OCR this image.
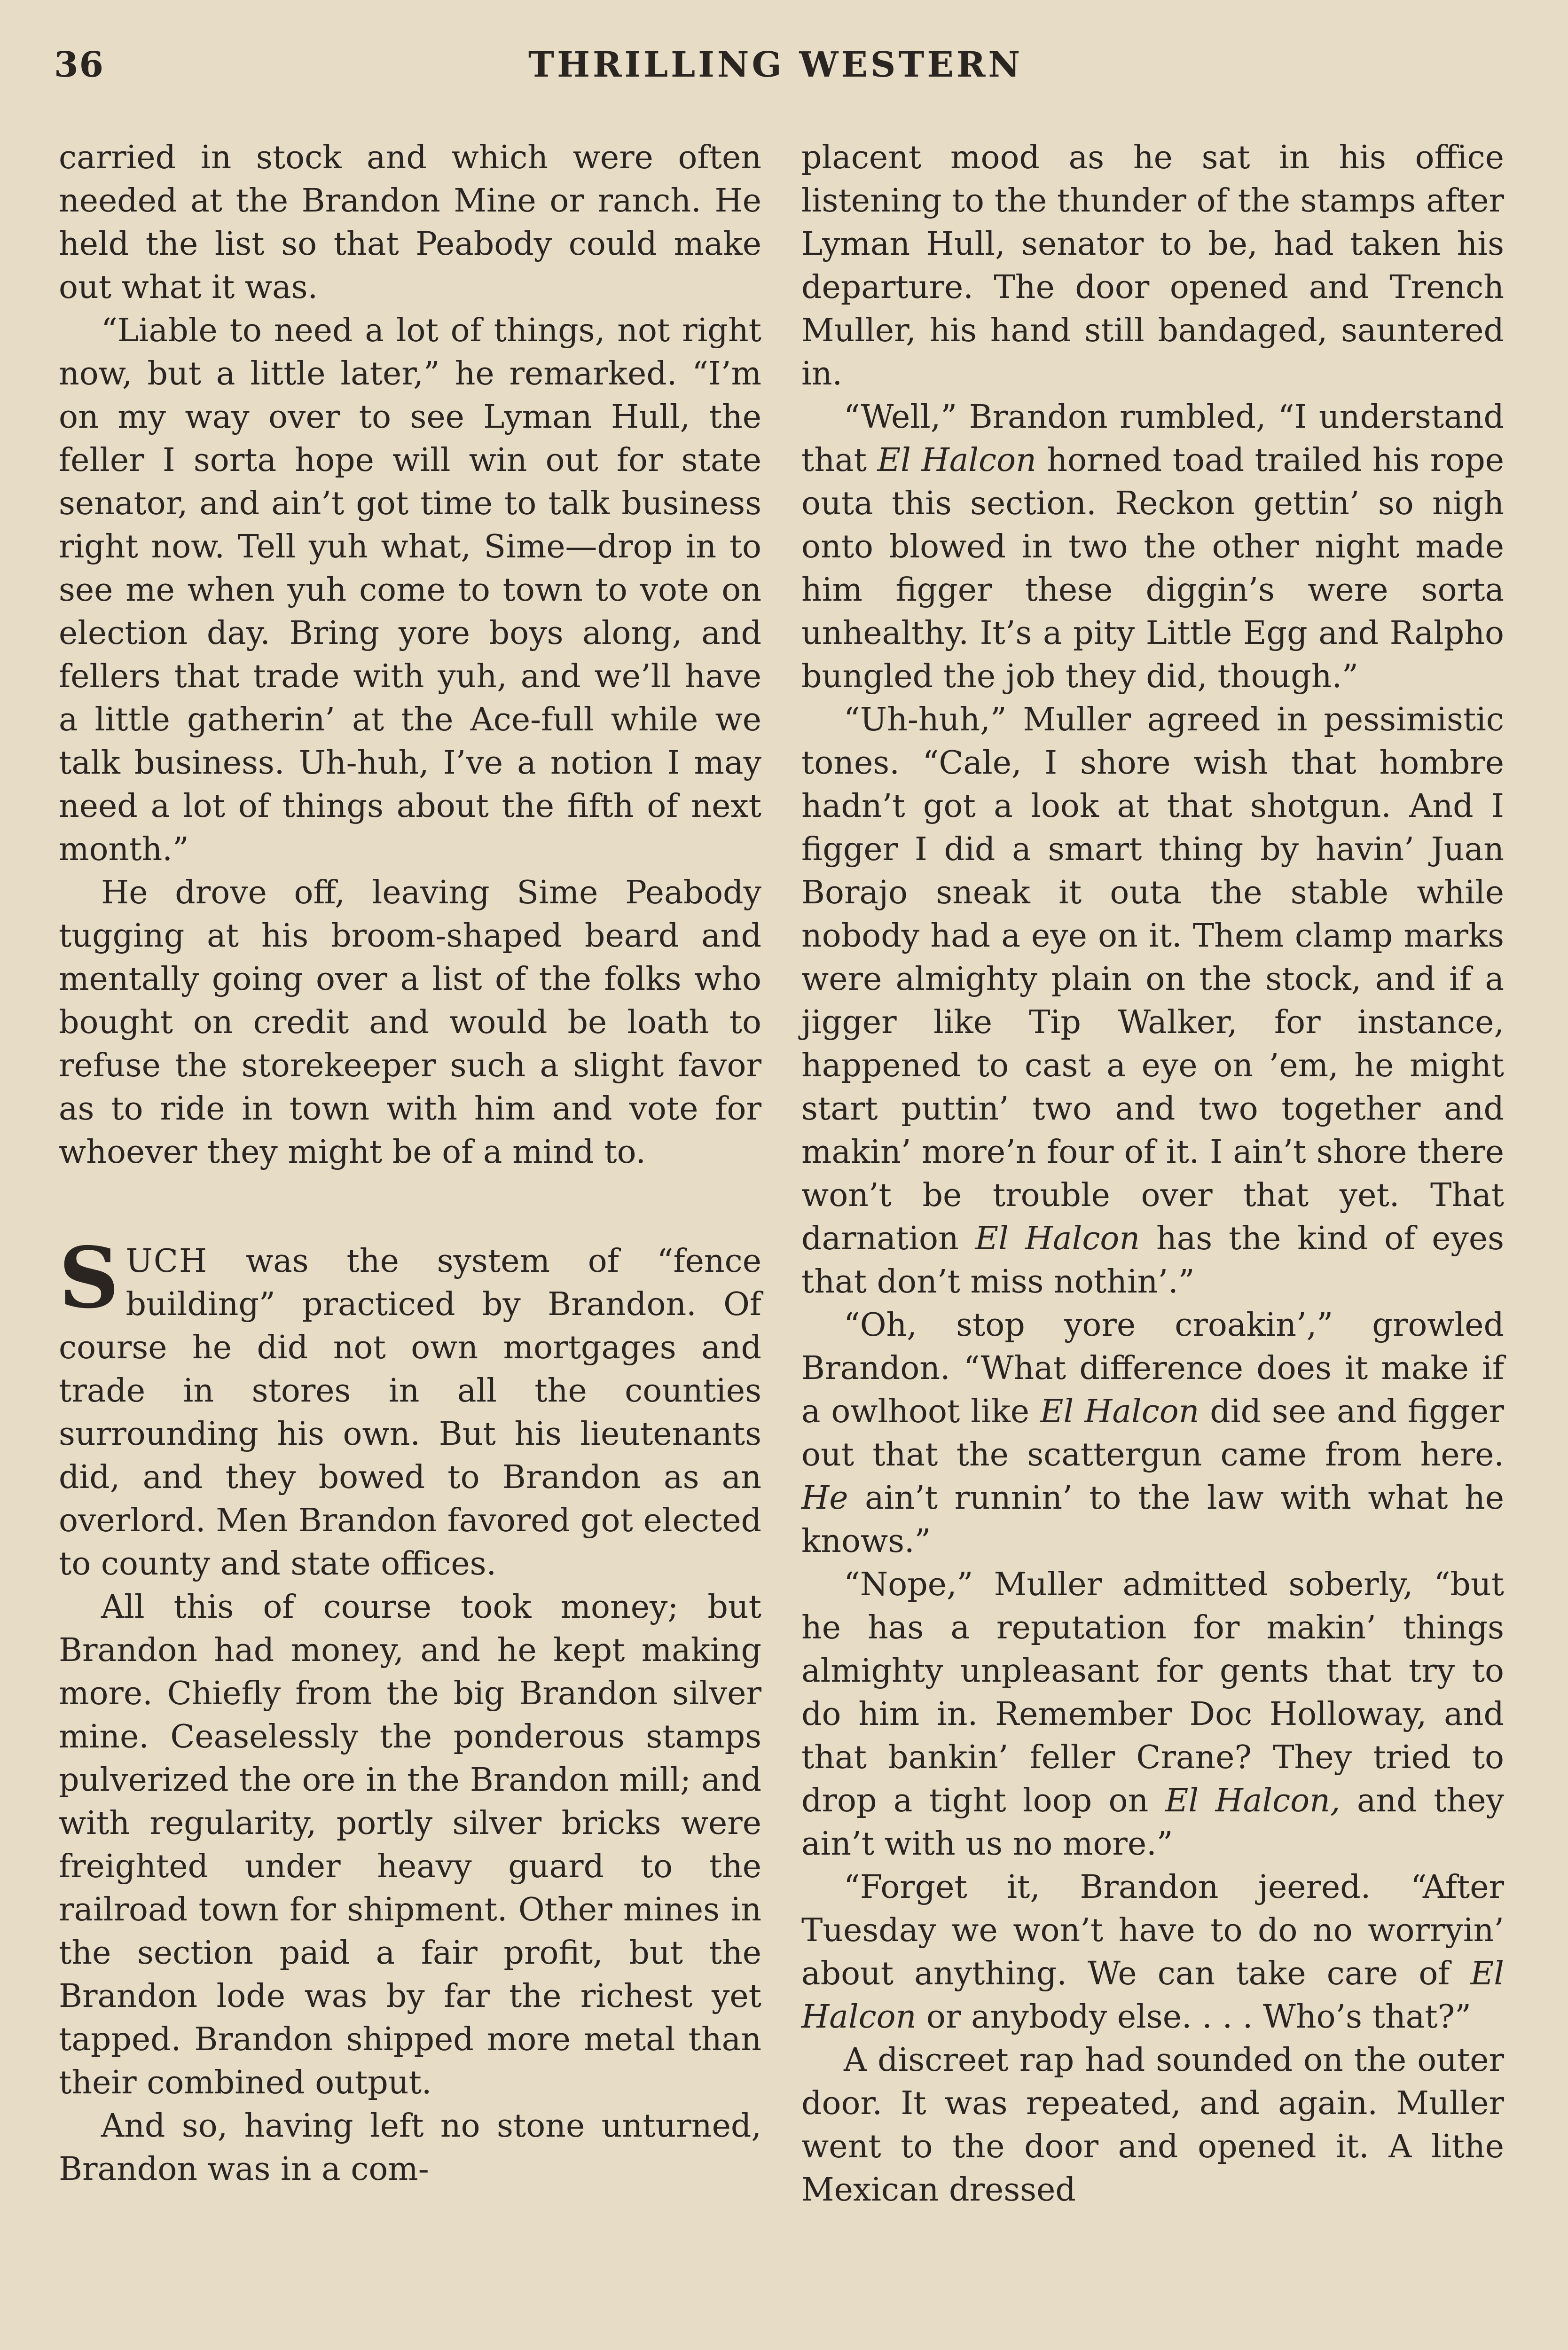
36	THRILLING WESTERN

carried in stock and which were often needed at the Brandon Mine or ranch. He held the list so that Peabody could make out what it was.

“Liable to need a lot of things, not right now, but a little later,” he remarked. “I’m on my way over to see Lyman Hull, the feller I sorta hope will win out for state senator, and ain’t got time to talk business right now. Tell yuh what, Sime—drop in to see me when yuh come to town to vote on election day. Bring yore boys along, and fellers that trade with yuh, and we’ll have a little gatherin’ at the Ace-full while we talk business. Uh-huh, I’ve a notion I may need a lot of things about the fifth of next month.”

He drove off, leaving Sime Peabody tugging at his broom-shaped beard and mentally going over a list of the folks who bought on credit and would be loath to refuse the storekeeper such a slight favor as to ride in town with him and vote for whoever they might be of a mind to.

SUCH was the system of “fence building” practiced by Brandon. Of course he did not own mortgages and trade in stores in all the counties surrounding his own. But his lieutenants did, and they bowed to Brandon as an overlord. Men Brandon favored got elected to county and state offices.

All this of course took money; but Brandon had money, and he kept making more. Chiefly from the big Brandon silver mine. Ceaselessly the ponderous stamps pulverized the ore in the Brandon mill; and with regularity, portly silver bricks were freighted under heavy guard to the railroad town for shipment. Other mines in the section paid a fair profit, but the Brandon lode was by far the richest yet tapped. Brandon shipped more metal than their combined output.

And so, having left no stone unturned, Brandon was in a com-

placent mood as he sat in his office listening to the thunder of the stamps after Lyman Hull, senator to be, had taken his departure. The door opened and Trench Muller, his hand still bandaged, sauntered in.

“Well,” Brandon rumbled, “I understand that El Halcon horned toad trailed his rope outa this section. Reckon gettin’ so nigh onto blowed in two the other night made him figger these diggin’s were sorta unhealthy. It’s a pity Little Egg and Ralpho bungled the job they did, though.”

“Uh-huh,” Muller agreed in pessimistic tones. “Cale, I shore wish that hombre hadn’t got a look at that shotgun. And I figger I did a smart thing by havin’ Juan Borajo sneak it outa the stable while nobody had a eye on it. Them clamp marks were almighty plain on the stock, and if a jigger like Tip Walker, for instance, happened to cast a eye on ’em, he might start puttin’ two and two together and makin’ more’n four of it. I ain’t shore there won’t be trouble over that yet. That darnation El Halcon has the kind of eyes that don’t miss nothin’.”

“Oh, stop yore croakin’,” growled Brandon. “What difference does it make if a owlhoot like El Halcon did see and figger out that the scattergun came from here. He ain’t runnin’ to the law with what he knows.”

“Nope,” Muller admitted soberly, “but he has a reputation for makin’ things almighty unpleasant for gents that try to do him in. Remember Doc Holloway, and that bankin’ feller Crane? They tried to drop a tight loop on El Halcon, and they ain’t with us no more.”

“Forget it, Brandon jeered. “After Tuesday we won’t have to do no worryin’ about anything. We can take care of El Halcon or anybody else. . . . Who’s that?”

A discreet rap had sounded on the outer door. It was repeated, and again. Muller went to the door and opened it. A lithe Mexican dressed
